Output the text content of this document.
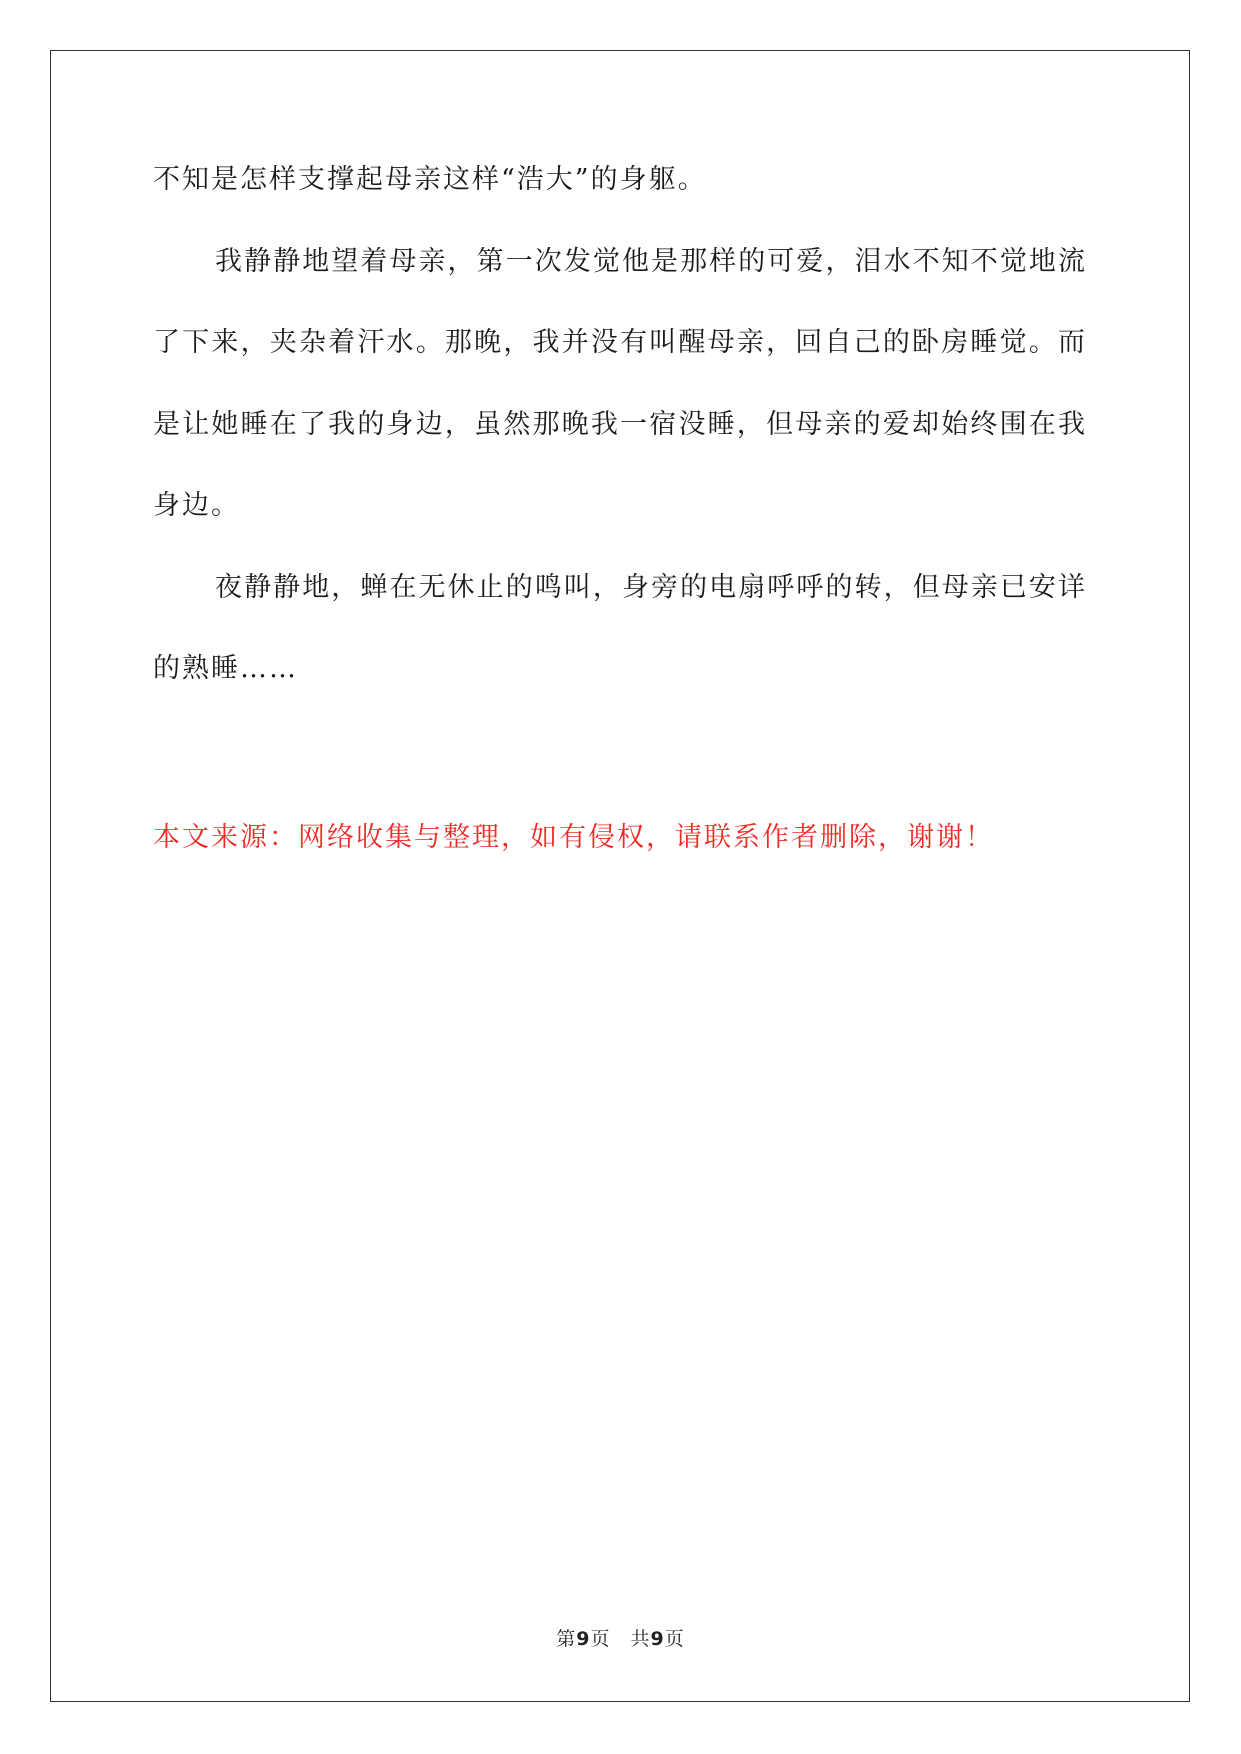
不知是怎样支撑起母亲这样“浩大”的身躯。

我静静地望着母亲，第一次发觉他是那样的可爱，泪水不知不觉地流了下来，夹杂着汗水。那晚，我并没有叫醒母亲，回自己的卧房睡觉。而是让她睡在了我的身边，虽然那晚我一宿没睡，但母亲的爱却始终围在我身边。

夜静静地，蝉在无休止的鸣叫，身旁的电扇呼呼的转，但母亲已安详的熟睡……

本文来源：网络收集与整理，如有侵权，请联系作者删除，谢谢！

第9页 共9页
